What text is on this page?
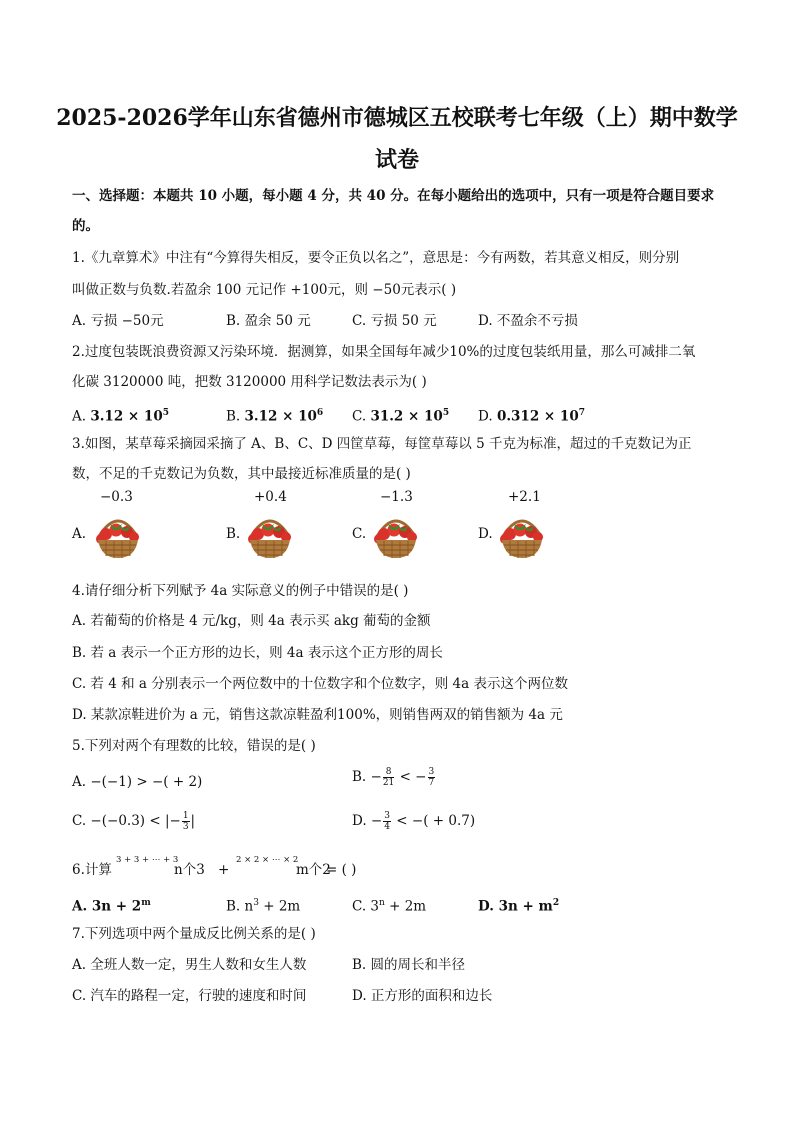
2025-2026学年山东省德州市德城区五校联考七年级（上）期中数学
试卷
一、选择题：本题共 10 小题，每小题 4 分，共 40 分。在每小题给出的选项中，只有一项是符合题目要求
的。
1.《九章算术》中注有“今算得失相反，要令正负以名之”，意思是：今有两数，若其意义相反，则分别
叫做正数与负数.若盈余 100 元记作 +100元，则 −50元表示( )
A. 亏损 −50元	B. 盈余 50 元	C. 亏损 50 元	D. 不盈余不亏损
2.过度包装既浪费资源又污染环境．据测算，如果全国每年减少10%的过度包装纸用量，那么可减排二氧
化碳 3120000 吨，把数 3120000 用科学记数法表示为( )
A. $3.12 \times 10^5$	B. $3.12 \times 10^6$ C. $31.2 \times 10^5$ D. $0.312 \times 10^7$
3.如图，某草莓采摘园采摘了 A、B、C、D 四筐草莓，每筐草莓以 5 千克为标准，超过的千克数记为正
数，不足的千克数记为负数，其中最接近标准质量的是( )
−0.3	+0.4	−1.3	+2.1
A.	B.	C.	D.
4.请仔细分析下列赋予 4a 实际意义的例子中错误的是( )
A. 若葡萄的价格是 4 元/kg，则 4a 表示买 akg 葡萄的金额
B. 若 a 表示一个正方形的边长，则 4a 表示这个正方形的周长
C. 若 4 和 a 分别表示一个两位数中的十位数字和个位数字，则 4a 表示这个两位数
D. 某款凉鞋进价为 a 元，销售这款凉鞋盈利100%，则销售两双的销售额为 4a 元
5.下列对两个有理数的比较，错误的是( )
A. −(−1) > −( + 2)	B. − $\frac{8}{21}$ < − $\frac{3}{7}$
C. −(−0.3) < |− $\frac{1}{3}$ |	D. − $\frac{3}{4}$ < −( + 0.7)
6.计算
3 + 3 + ⋯ + 3
n个3 +
2 × 2 × ⋯ × 2
m个2
= ( )
A. $3n + 2^m$	B. $n^3 + 2m$	C. $3^n + 2m$	D. $3n + m^2$
7.下列选项中两个量成反比例关系的是( )
A. 全班人数一定，男生人数和女生人数	B. 圆的周长和半径
C. 汽车的路程一定，行驶的速度和时间	D. 正方形的面积和边长
